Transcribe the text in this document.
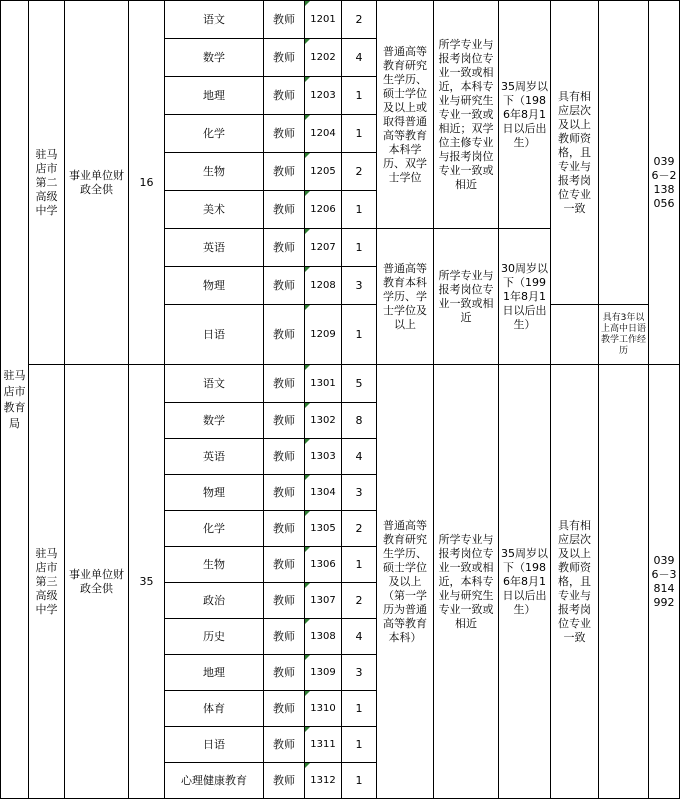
驻马店市教育局	驻马店市第二高级中学	事业单位财政全供	16	语文	教师	1201	2	普通高等教育研究生学历、硕士学位及以上或取得普通高等教育本科学历、双学士学位	所学专业与报考岗位专业一致或相近，本科专业与研究生专业一致或相近；双学位主修专业与报考岗位专业一致或相近	35周岁以下（1986年8月1日以后出生）	具有相应层次及以上教师资格，且专业与报考岗位专业一致		0396－2138056
				数学	教师	1202	4						
				地理	教师	1203	1						
				化学	教师	1204	1						
				生物	教师	1205	2						
				美术	教师	1206	1						
				英语	教师	1207	1	普通高等教育本科学历、学士学位及以上	所学专业与报考岗位专业一致或相近	30周岁以下（1991年8月1日以后出生）			
				物理	教师	1208	3						
				日语	教师	1209	1					具有3年以上高中日语教学工作经历	
	驻马店市第三高级中学	事业单位财政全供	35	语文	教师	1301	5	普通高等教育研究生学历、硕士学位及以上（第一学历为普通高等教育本科）	所学专业与报考岗位专业一致或相近，本科专业与研究生专业一致或相近	35周岁以下（1986年8月1日以后出生）	具有相应层次及以上教师资格，且专业与报考岗位专业一致		0396－3814992
				数学	教师	1302	8						
				英语	教师	1303	4						
				物理	教师	1304	3						
				化学	教师	1305	2						
				生物	教师	1306	1						
				政治	教师	1307	2						
				历史	教师	1308	4						
				地理	教师	1309	3						
				体育	教师	1310	1						
				日语	教师	1311	1						
				心理健康教育	教师	1312	1						
